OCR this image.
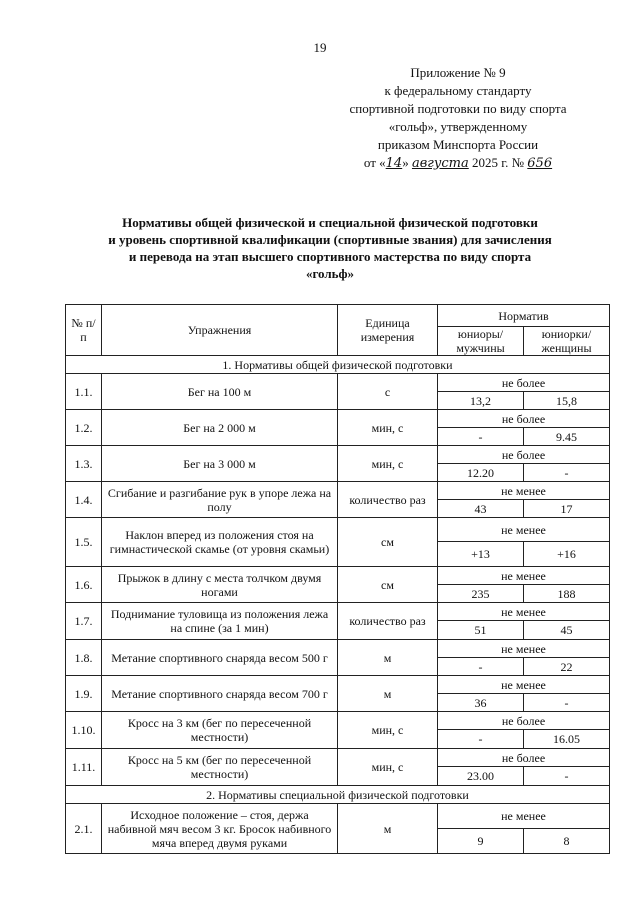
19
Приложение № 9
к федеральному стандарту
спортивной подготовки по виду спорта
«гольф», утвержденному
приказом Минспорта России
от «14» августа 2025 г. № 656
Нормативы общей физической и специальной физической подготовки
и уровень спортивной квалификации (спортивные звания) для зачисления
и перевода на этап высшего спортивного мастерства по виду спорта
«гольф»
№ п/п	Упражнения	Единица измерения	Норматив	
			юниоры/ мужчины	юниорки/ женщины
1. Нормативы общей физической подготовки				
1.1.	Бег на 100 м	с	не более	
			13,2	15,8
1.2.	Бег на 2 000 м	мин, с	не более	
			-	9.45
1.3.	Бег на 3 000 м	мин, с	не более	
			12.20	-
1.4.	Сгибание и разгибание рук в упоре лежа на полу	количество раз	не менее	
			43	17
1.5.	Наклон вперед из положения стоя на гимнастической скамье (от уровня скамьи)	см	не менее	
			+13	+16
1.6.	Прыжок в длину с места толчком двумя ногами	см	не менее	
			235	188
1.7.	Поднимание туловища из положения лежа на спине (за 1 мин)	количество раз	не менее	
			51	45
1.8.	Метание спортивного снаряда весом 500 г	м	не менее	
			-	22
1.9.	Метание спортивного снаряда весом 700 г	м	не менее	
			36	-
1.10.	Кросс на 3 км (бег по пересеченной местности)	мин, с	не более	
			-	16.05
1.11.	Кросс на 5 км (бег по пересеченной местности)	мин, с	не более	
			23.00	-
2. Нормативы специальной физической подготовки				
2.1.	Исходное положение – стоя, держа набивной мяч весом 3 кг. Бросок набивного мяча вперед двумя руками	м	не менее	
			9	8
